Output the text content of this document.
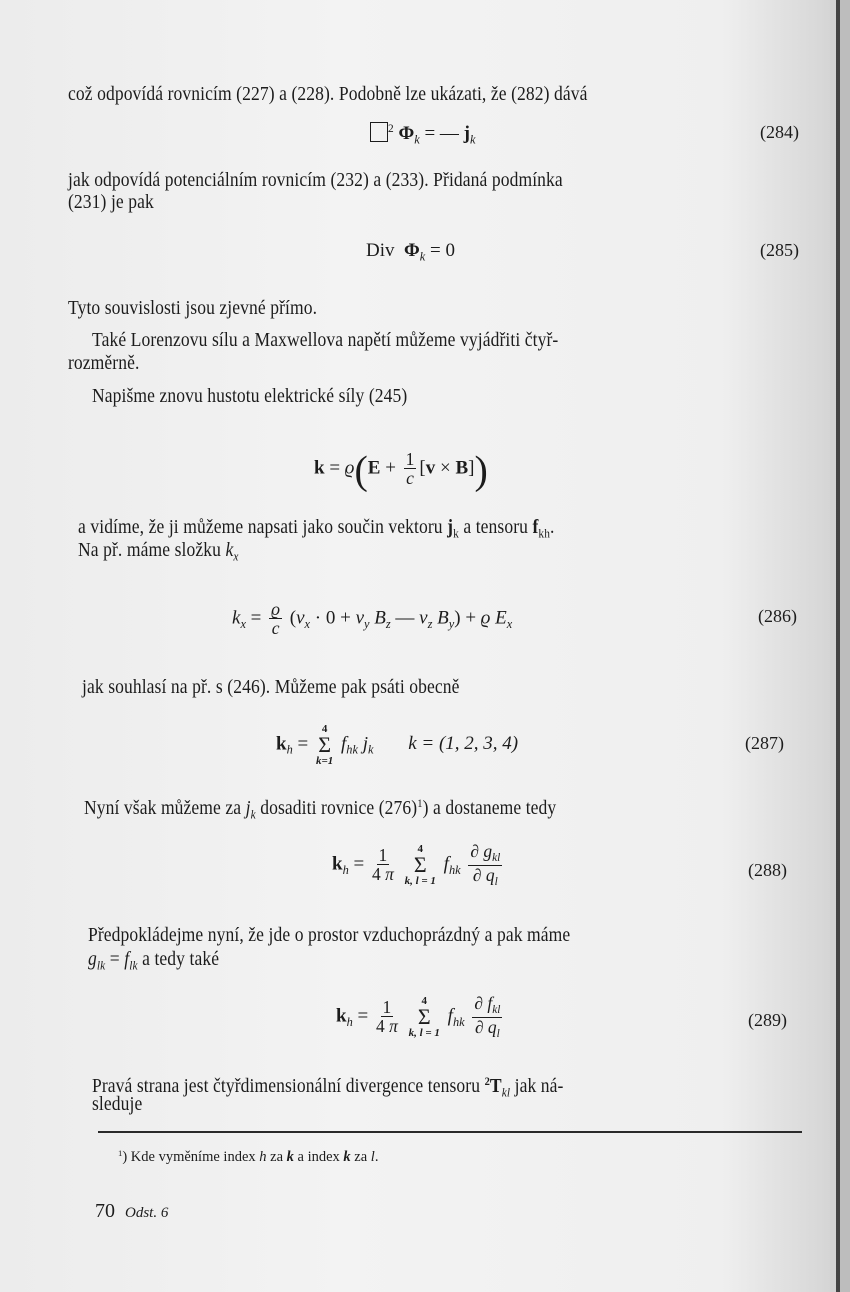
což odpovídá rovnicím (227) a (228). Podobně lze ukázati, že (282) dává
$^2$ $\Phi_k$ = — $j_k$	(284)
jak odpovídá potenciálním rovnicím (232) a (233). Přidaná podmínka
(231) je pak
Div $\Phi_k = 0$	(285)
Tyto souvislosti jsou zjevné přímo.
Také Lorenzovu sílu a Maxwellova napětí můžeme vyjádřiti čtyř-
rozměrně.
Napišme znovu hustotu elektrické síly (245)
$k = ϱ(E + \frac{1}{c} [v \times B])$
a vidíme, že ji můžeme napsati jako součin vektoru $j_k$ a tensoru $f_{kh}$.
Na př. máme složku $k_x$
$k_x = \frac{ϱ}{c} (v_x \cdot 0 + v_y$ $B_z$ — $v_z$ $B_y) + ϱ$ $E_x$	(286)
jak souhlasí na př. s (246). Můžeme pak psáti obecně
$k_h$ =
4
Σ
k=1
$f_{hk}$ $j_k$ k = (1, 2, 3, 4)	(287)
Nyní však můžeme za $j_k$ dosaditi rovnice $(276)^1$) a dostaneme tedy
$k_h = \frac{1}{4 \pi}$
4
Σ
k, l = 1
$f_{hk} \frac{\partial g_{kl}}{\partial q_l}$	(288)
Předpokládejme nyní, že jde o prostor vzduchoprázdný a pak máme
$g_{lk} = f_{lk}$ a tedy také
$k_h = \frac{1}{4 \pi}$
4
Σ
k, l = 1
$f_{hk} \frac{\partial f_{kl}}{\partial q_l}$	(289)
Pravá strana jest čtyřdimensionální divergence tensoru $^2T_{kl}$ jak ná-
sleduje
$^1$) Kde vyměníme index h za k a index k za l.
70 Odst. 6
